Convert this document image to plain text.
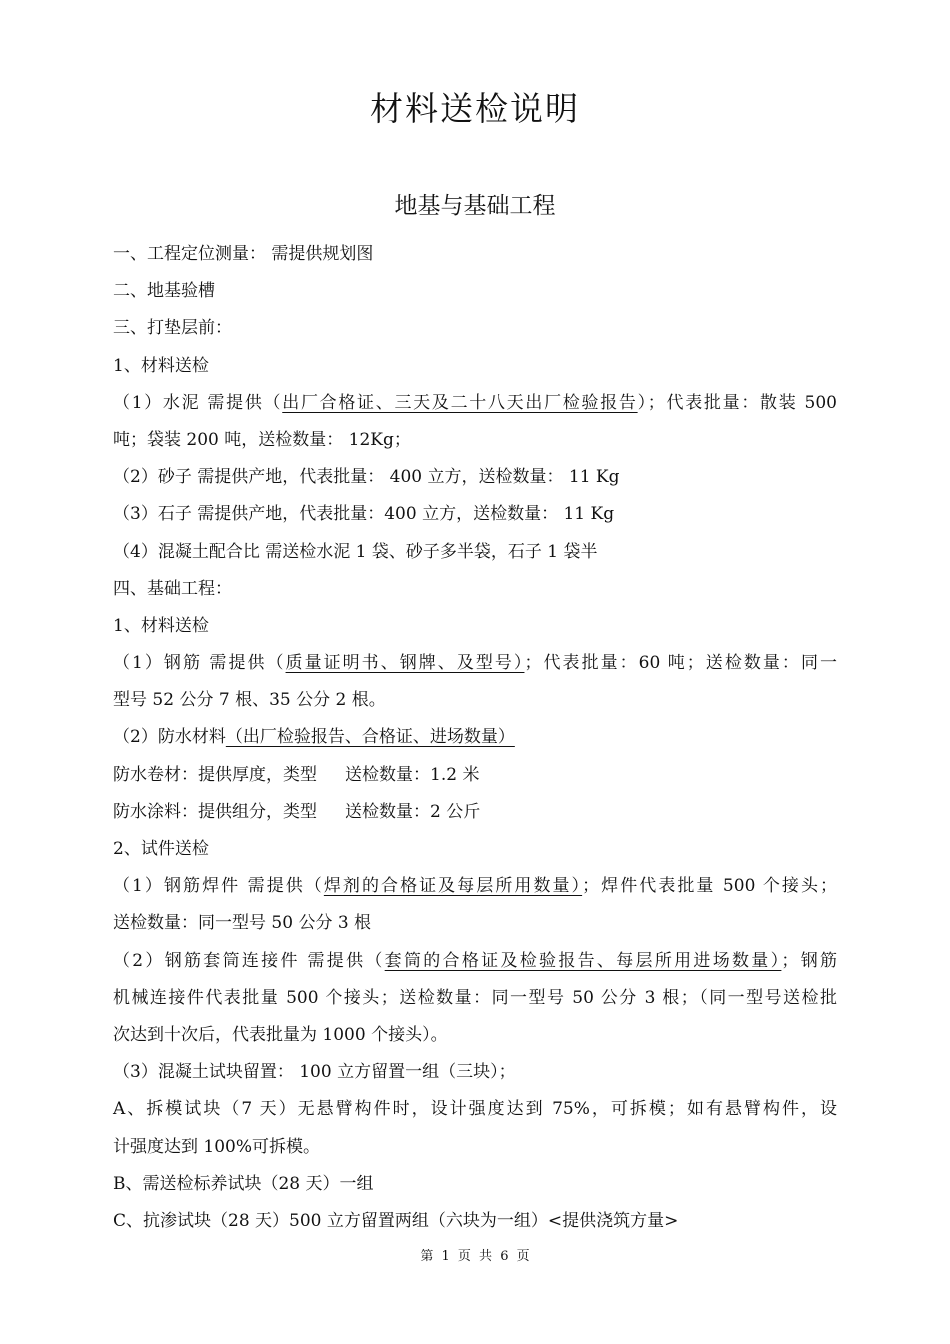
材料送检说明
地基与基础工程
一、工程定位测量： 需提供规划图
二、地基验槽
三、打垫层前：
1、材料送检
（1）水泥 需提供（出厂合格证、三天及二十八天出厂检验报告）；代表批量：散装 500
吨；袋装 200 吨，送检数量： 12Kg；
（2）砂子 需提供产地，代表批量： 400 立方，送检数量： 11 Kg
（3）石子 需提供产地，代表批量：400 立方，送检数量： 11 Kg
（4）混凝土配合比 需送检水泥 1 袋、砂子多半袋，石子 1 袋半
四、基础工程：
1、材料送检
（1）钢筋 需提供（质量证明书、钢牌、及型号）；代表批量：60 吨；送检数量：同一
型号 52 公分 7 根、35 公分 2 根。
（2）防水材料（出厂检验报告、合格证、进场数量）
防水卷材：提供厚度，类型 送检数量：1.2 米
防水涂料：提供组分，类型 送检数量：2 公斤
2、试件送检
（1）钢筋焊件 需提供（焊剂的合格证及每层所用数量）；焊件代表批量 500 个接头；
送检数量：同一型号 50 公分 3 根
（2）钢筋套筒连接件 需提供（套筒的合格证及检验报告、每层所用进场数量）；钢筋
机械连接件代表批量 500 个接头；送检数量：同一型号 50 公分 3 根；（同一型号送检批
次达到十次后，代表批量为 1000 个接头）。
（3）混凝土试块留置： 100 立方留置一组（三块）；
A、拆模试块（7 天）无悬臂构件时，设计强度达到 75%，可拆模；如有悬臂构件，设
计强度达到 100%可拆模。
B、需送检标养试块（28 天）一组
C、抗渗试块（28 天）500 立方留置两组（六块为一组）<提供浇筑方量>
第 1 页 共 6 页
